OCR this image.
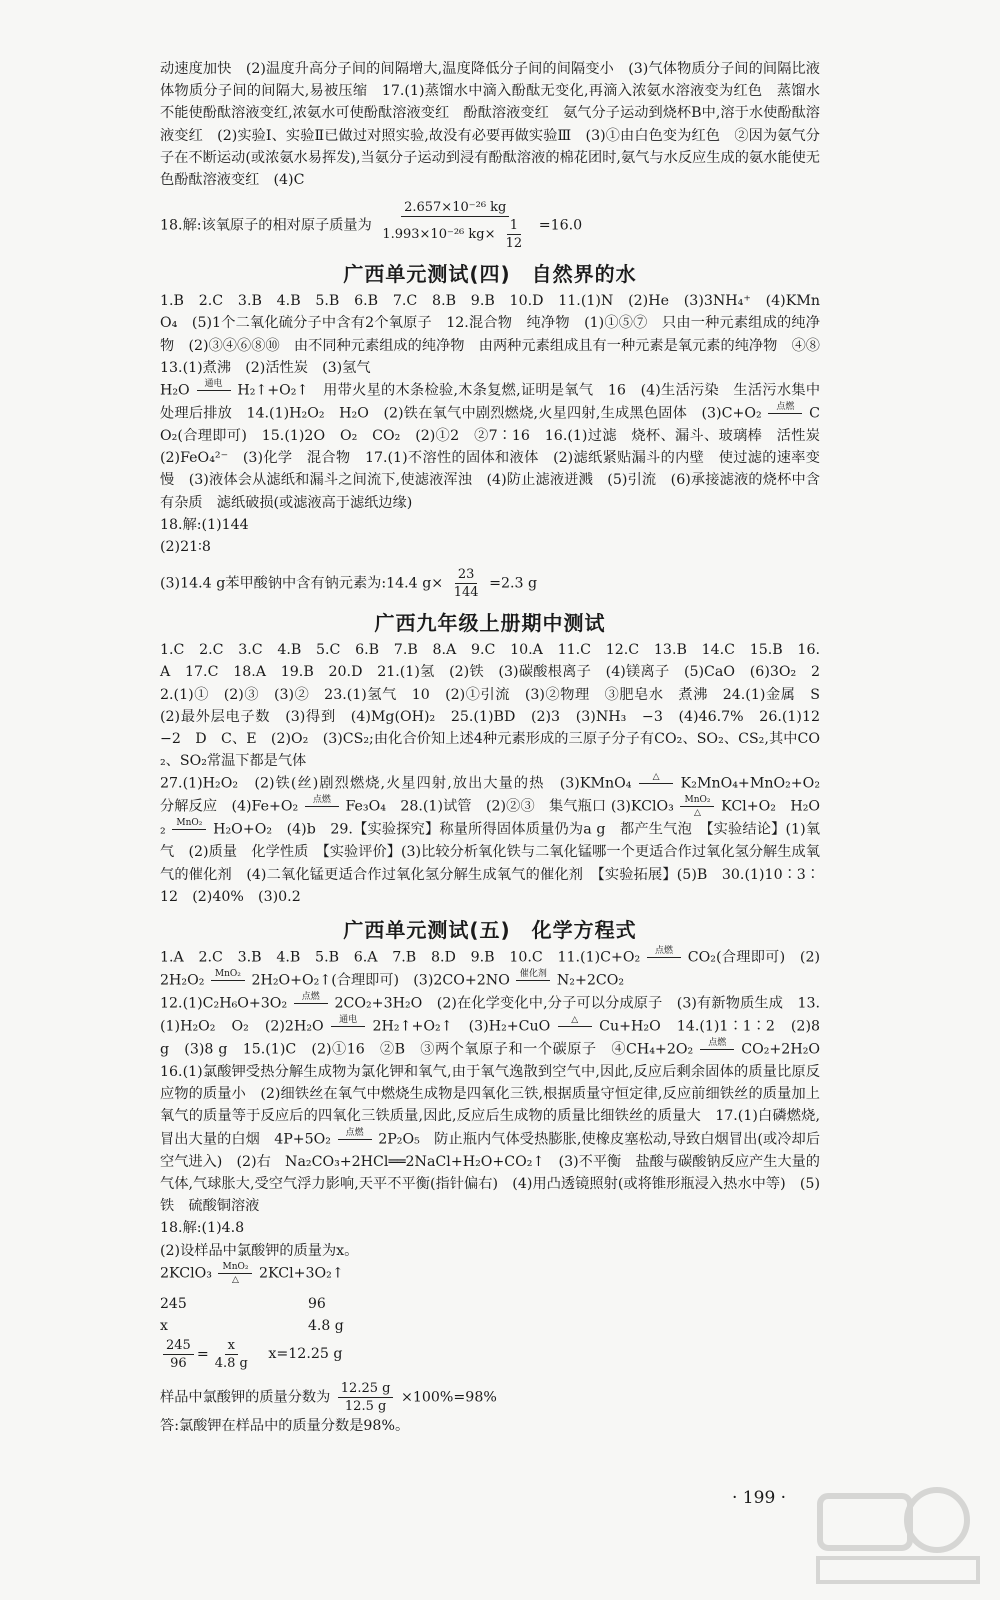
动速度加快　(2)温度升高分子间的间隔增大,温度降低分子间的间隔变小　(3)气体物质分子间的间隔比液体物质分子间的间隔大,易被压缩　17.(1)蒸馏水中滴入酚酞无变化,再滴入浓氨水溶液变为红色　蒸馏水不能使酚酞溶液变红,浓氨水可使酚酞溶液变红　酚酞溶液变红　氨气分子运动到烧杯B中,溶于水使酚酞溶液变红　(2)实验Ⅰ、实验Ⅱ已做过对照实验,故没有必要再做实验Ⅲ　(3)①由白色变为红色　②因为氨气分子在不断运动(或浓氨水易挥发),当氨分子运动到浸有酚酞溶液的棉花团时,氨气与水反应生成的氨水能使无色酚酞溶液变红　(4)C

18.解:该氧原子的相对原子质量为 $\frac{\text{2.657×10⁻²⁶ kg}}{1.993\times 10^{-26} kg\times \frac{1}{12}} =16.0$

广西单元测试(四)　自然界的水

1.B　2.C　3.B　4.B　5.B　6.B　7.C　8.B　9.B　10.D　11.(1)N　(2)He　(3)3NH₄⁺　(4)KMnO₄　(5)1个二氧化硫分子中含有2个氧原子　12.混合物　纯净物　(1)①⑤⑦　只由一种元素组成的纯净物　(2)③④⑥⑧⑩　由不同种元素组成的纯净物　由两种元素组成且有一种元素是氧元素的纯净物　④⑧　13.(1)煮沸　(2)活性炭　(3)氢气

H₂O 通电 H₂↑+O₂↑　用带火星的木条检验,木条复燃,证明是氧气　16　(4)生活污染　生活污水集中处理后排放　14.(1)H₂O₂　H₂O　(2)铁在氧气中剧烈燃烧,火星四射,生成黑色固体　(3)C+O₂ 点燃 CO₂(合理即可)　15.(1)2O　O₂　CO₂　(2)①2　②7∶16　16.(1)过滤　烧杯、漏斗、玻璃棒　活性炭　(2)FeO₄²⁻　(3)化学　混合物　17.(1)不溶性的固体和液体　(2)滤纸紧贴漏斗的内壁　使过滤的速率变慢　(3)液体会从滤纸和漏斗之间流下,使滤液浑浊　(4)防止滤液迸溅　(5)引流　(6)承接滤液的烧杯中含有杂质　滤纸破损(或滤液高于滤纸边缘)

18.解:(1)144

(2)21∶8

(3)14.4 g苯甲酸钠中含有钠元素为:14.4 $g\times \frac{23}{144} =2.3$ g

广西九年级上册期中测试

1.C　2.C　3.C　4.B　5.C　6.B　7.B　8.A　9.C　10.A　11.C　12.C　13.B　14.C　15.B　16.A　17.C　18.A　19.B　20.D　21.(1)氢　(2)铁　(3)碳酸根离子　(4)镁离子　(5)CaO　(6)3O₂　22.(1)①　(2)③　(3)②　23.(1)氢气　10　(2)①引流　(3)②物理　③肥皂水　煮沸　24.(1)金属　S　(2)最外层电子数　(3)得到　(4)Mg(OH)₂　25.(1)BD　(2)3　(3)NH₃　−3　(4)46.7%　26.(1)12　−2　D　C、E　(2)O₂　(3)CS₂;由化合价知上述4种元素形成的三原子分子有CO₂、SO₂、CS₂,其中CO₂、SO₂常温下都是气体

27.(1)H₂O₂　(2)铁(丝)剧烈燃烧,火星四射,放出大量的热　(3)KMnO₄ △ K₂MnO₄+MnO₂+O₂　分解反应　(4)Fe+O₂ 点燃 Fe₃O₄　28.(1)试管　(2)②③　集气瓶口 (3)KClO₃ MnO₂
△ KCl+O₂　H₂O₂ MnO₂ H₂O+O₂　(4)b　29.【实验探究】称量所得固体质量仍为a g　都产生气泡　【实验结论】(1)氧气　(2)质量　化学性质　【实验评价】(3)比较分析氧化铁与二氧化锰哪一个更适合作过氧化氢分解生成氧气的催化剂　(4)二氧化锰更适合作过氧化氢分解生成氧气的催化剂　【实验拓展】(5)B　30.(1)10∶3∶12　(2)40%　(3)0.2

广西单元测试(五)　化学方程式

1.A　2.C　3.B　4.B　5.B　6.A　7.B　8.D　9.B　10.C　11.(1)C+O₂ 点燃 CO₂(合理即可)　(2)2H₂O₂ MnO₂ 2H₂O+O₂↑(合理即可)　(3)2CO+2NO 催化剂 N₂+2CO₂

12.(1)C₂H₆O+3O₂ 点燃 2CO₂+3H₂O　(2)在化学变化中,分子可以分成原子　(3)有新物质生成　13.(1)H₂O₂　O₂　(2)2H₂O 通电 2H₂↑+O₂↑　(3)H₂+CuO △ Cu+H₂O　14.(1)1∶1∶2　(2)8 g　(3)8 g　15.(1)C　(2)①16　②B　③两个氧原子和一个碳原子　④CH₄+2O₂ 点燃 CO₂+2H₂O　16.(1)氯酸钾受热分解生成物为氯化钾和氧气,由于氧气逸散到空气中,因此,反应后剩余固体的质量比原反应物的质量小　(2)细铁丝在氧气中燃烧生成物是四氧化三铁,根据质量守恒定律,反应前细铁丝的质量加上氧气的质量等于反应后的四氧化三铁质量,因此,反应后生成物的质量比细铁丝的质量大　17.(1)白磷燃烧,冒出大量的白烟　4P+5O₂ 点燃 2P₂O₅　防止瓶内气体受热膨胀,使橡皮塞松动,导致白烟冒出(或冷却后空气进入)　(2)右　Na₂CO₃+2HCl══2NaCl+H₂O+CO₂↑　(3)不平衡　盐酸与碳酸钠反应产生大量的气体,气球胀大,受空气浮力影响,天平不平衡(指针偏右)　(4)用凸透镜照射(或将锥形瓶浸入热水中等)　(5)铁　硫酸铜溶液

18.解:(1)4.8

(2)设样品中氯酸钾的质量为x。

2KClO₃ MnO₂
△ 2KCl+3O₂↑

245	96
x	4.8 g

$\frac{245}{96} = \frac{x}{4.8 g} x=12.25$ g

样品中氯酸钾的质量分数为 $\frac{12.25 g}{12.5 g} \times 100\%=98\%$

答:氯酸钾在样品中的质量分数是98%。

· 199 ·
